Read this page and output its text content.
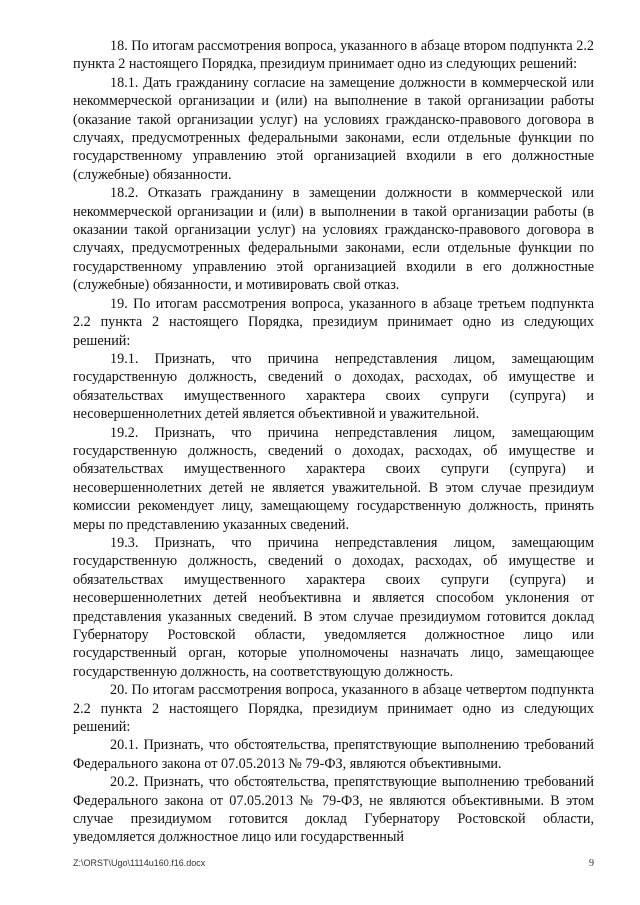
18. По итогам рассмотрения вопроса, указанного в абзаце втором подпункта 2.2 пункта 2 настоящего Порядка, президиум принимает одно из следующих решений:

18.1. Дать гражданину согласие на замещение должности в коммерческой или некоммерческой организации и (или) на выполнение в такой организации работы (оказание такой организации услуг) на условиях гражданско-правового договора в случаях, предусмотренных федеральными законами, если отдельные функции по государственному управлению этой организацией входили в его должностные (служебные) обязанности.

18.2. Отказать гражданину в замещении должности в коммерческой или некоммерческой организации и (или) в выполнении в такой организации работы (в оказании такой организации услуг) на условиях гражданско-правового договора в случаях, предусмотренных федеральными законами, если отдельные функции по государственному управлению этой организацией входили в его должностные (служебные) обязанности, и мотивировать свой отказ.

19. По итогам рассмотрения вопроса, указанного в абзаце третьем подпункта 2.2 пункта 2 настоящего Порядка, президиум принимает одно из следующих решений:

19.1. Признать, что причина непредставления лицом, замещающим государственную должность, сведений о доходах, расходах, об имуществе и обязательствах имущественного характера своих супруги (супруга) и несовершеннолетних детей является объективной и уважительной.

19.2. Признать, что причина непредставления лицом, замещающим государственную должность, сведений о доходах, расходах, об имуществе и обязательствах имущественного характера своих супруги (супруга) и несовершеннолетних детей не является уважительной. В этом случае президиум комиссии рекомендует лицу, замещающему государственную должность, принять меры по представлению указанных сведений.

19.3. Признать, что причина непредставления лицом, замещающим государственную должность, сведений о доходах, расходах, об имуществе и обязательствах имущественного характера своих супруги (супруга) и несовершеннолетних детей необъективна и является способом уклонения от представления указанных сведений. В этом случае президиумом готовится доклад Губернатору Ростовской области, уведомляется должностное лицо или государственный орган, которые уполномочены назначать лицо, замещающее государственную должность, на соответствующую должность.

20. По итогам рассмотрения вопроса, указанного в абзаце четвертом подпункта 2.2 пункта 2 настоящего Порядка, президиум принимает одно из следующих решений:

20.1. Признать, что обстоятельства, препятствующие выполнению требований Федерального закона от 07.05.2013 № 79-ФЗ, являются объективными.

20.2. Признать, что обстоятельства, препятствующие выполнению требований Федерального закона от 07.05.2013 № 79-ФЗ, не являются объективными. В этом случае президиумом готовится доклад Губернатору Ростовской области, уведомляется должностное лицо или государственный

Z:\ORST\Ugo\1114u160.f16.docx	9
